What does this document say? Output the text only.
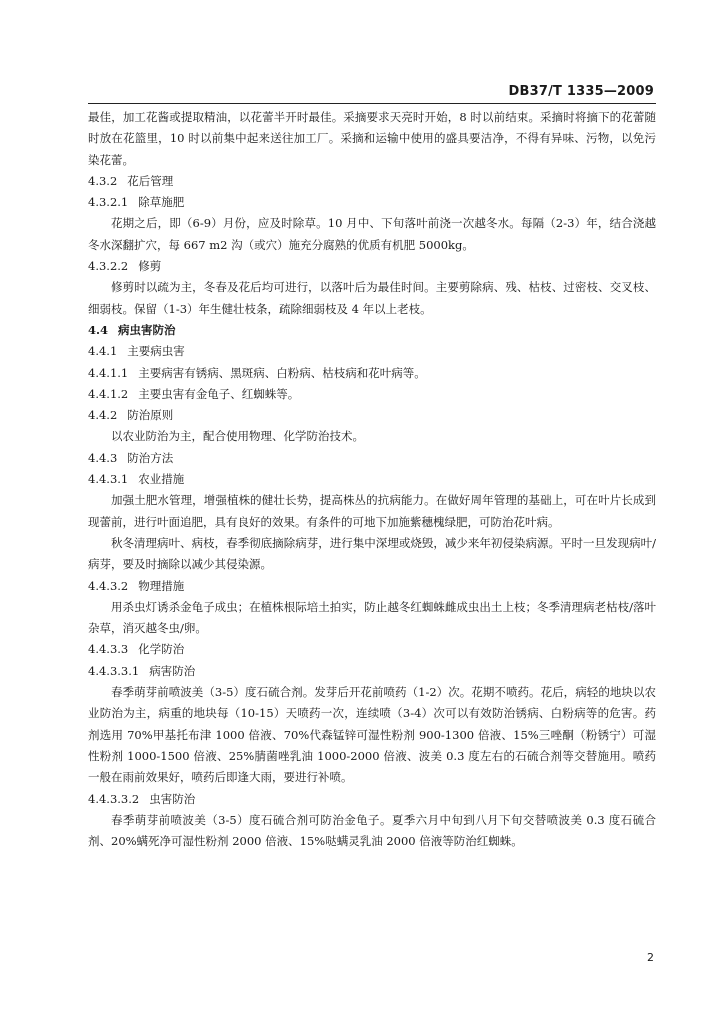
DB37/T 1335—2009

最佳，加工花酱或提取精油，以花蕾半开时最佳。采摘要求天亮时开始，8 时以前结束。采摘时将摘下的花蕾随时放在花篮里，10 时以前集中起来送往加工厂。采摘和运输中使用的盛具要洁净，不得有异味、污物，以免污染花蕾。

4.3.2 花后管理
4.3.2.1 除草施肥

花期之后，即（6-9）月份，应及时除草。10 月中、下旬落叶前浇一次越冬水。每隔（2-3）年，结合浇越冬水深翻扩穴，每 667 m2 沟（或穴）施充分腐熟的优质有机肥 5000kg。

4.3.2.2 修剪

修剪时以疏为主，冬春及花后均可进行，以落叶后为最佳时间。主要剪除病、残、枯枝、过密枝、交叉枝、细弱枝。保留（1-3）年生健壮枝条，疏除细弱枝及 4 年以上老枝。

4.4 病虫害防治
4.4.1 主要病虫害
4.4.1.1 主要病害有锈病、黑斑病、白粉病、枯枝病和花叶病等。
4.4.1.2 主要虫害有金龟子、红蜘蛛等。
4.4.2 防治原则

以农业防治为主，配合使用物理、化学防治技术。

4.4.3 防治方法
4.4.3.1 农业措施

加强土肥水管理，增强植株的健壮长势，提高株丛的抗病能力。在做好周年管理的基础上，可在叶片长成到现蕾前，进行叶面追肥，具有良好的效果。有条件的可地下加施紫穗槐绿肥，可防治花叶病。

秋冬清理病叶、病枝，春季彻底摘除病芽，进行集中深埋或烧毁，减少来年初侵染病源。平时一旦发现病叶/病芽，要及时摘除以减少其侵染源。

4.4.3.2 物理措施

用杀虫灯诱杀金龟子成虫；在植株根际培土拍实，防止越冬红蜘蛛雌成虫出土上枝；冬季清理病老枯枝/落叶杂草，消灭越冬虫/卵。

4.4.3.3 化学防治
4.4.3.3.1 病害防治

春季萌芽前喷波美（3-5）度石硫合剂。发芽后开花前喷药（1-2）次。花期不喷药。花后，病轻的地块以农业防治为主，病重的地块每（10-15）天喷药一次，连续喷（3-4）次可以有效防治锈病、白粉病等的危害。药剂选用 70%甲基托布津 1000 倍液、70%代森锰锌可湿性粉剂 900-1300 倍液、15%三唑酮（粉锈宁）可湿性粉剂 1000-1500 倍液、25%腈菌唑乳油 1000-2000 倍液、波美 0.3 度左右的石硫合剂等交替施用。喷药一般在雨前效果好，喷药后即逢大雨，要进行补喷。

4.4.3.3.2 虫害防治

春季萌芽前喷波美（3-5）度石硫合剂可防治金龟子。夏季六月中旬到八月下旬交替喷波美 0.3 度石硫合剂、20%螨死净可湿性粉剂 2000 倍液、15%哒螨灵乳油 2000 倍液等防治红蜘蛛。

2
